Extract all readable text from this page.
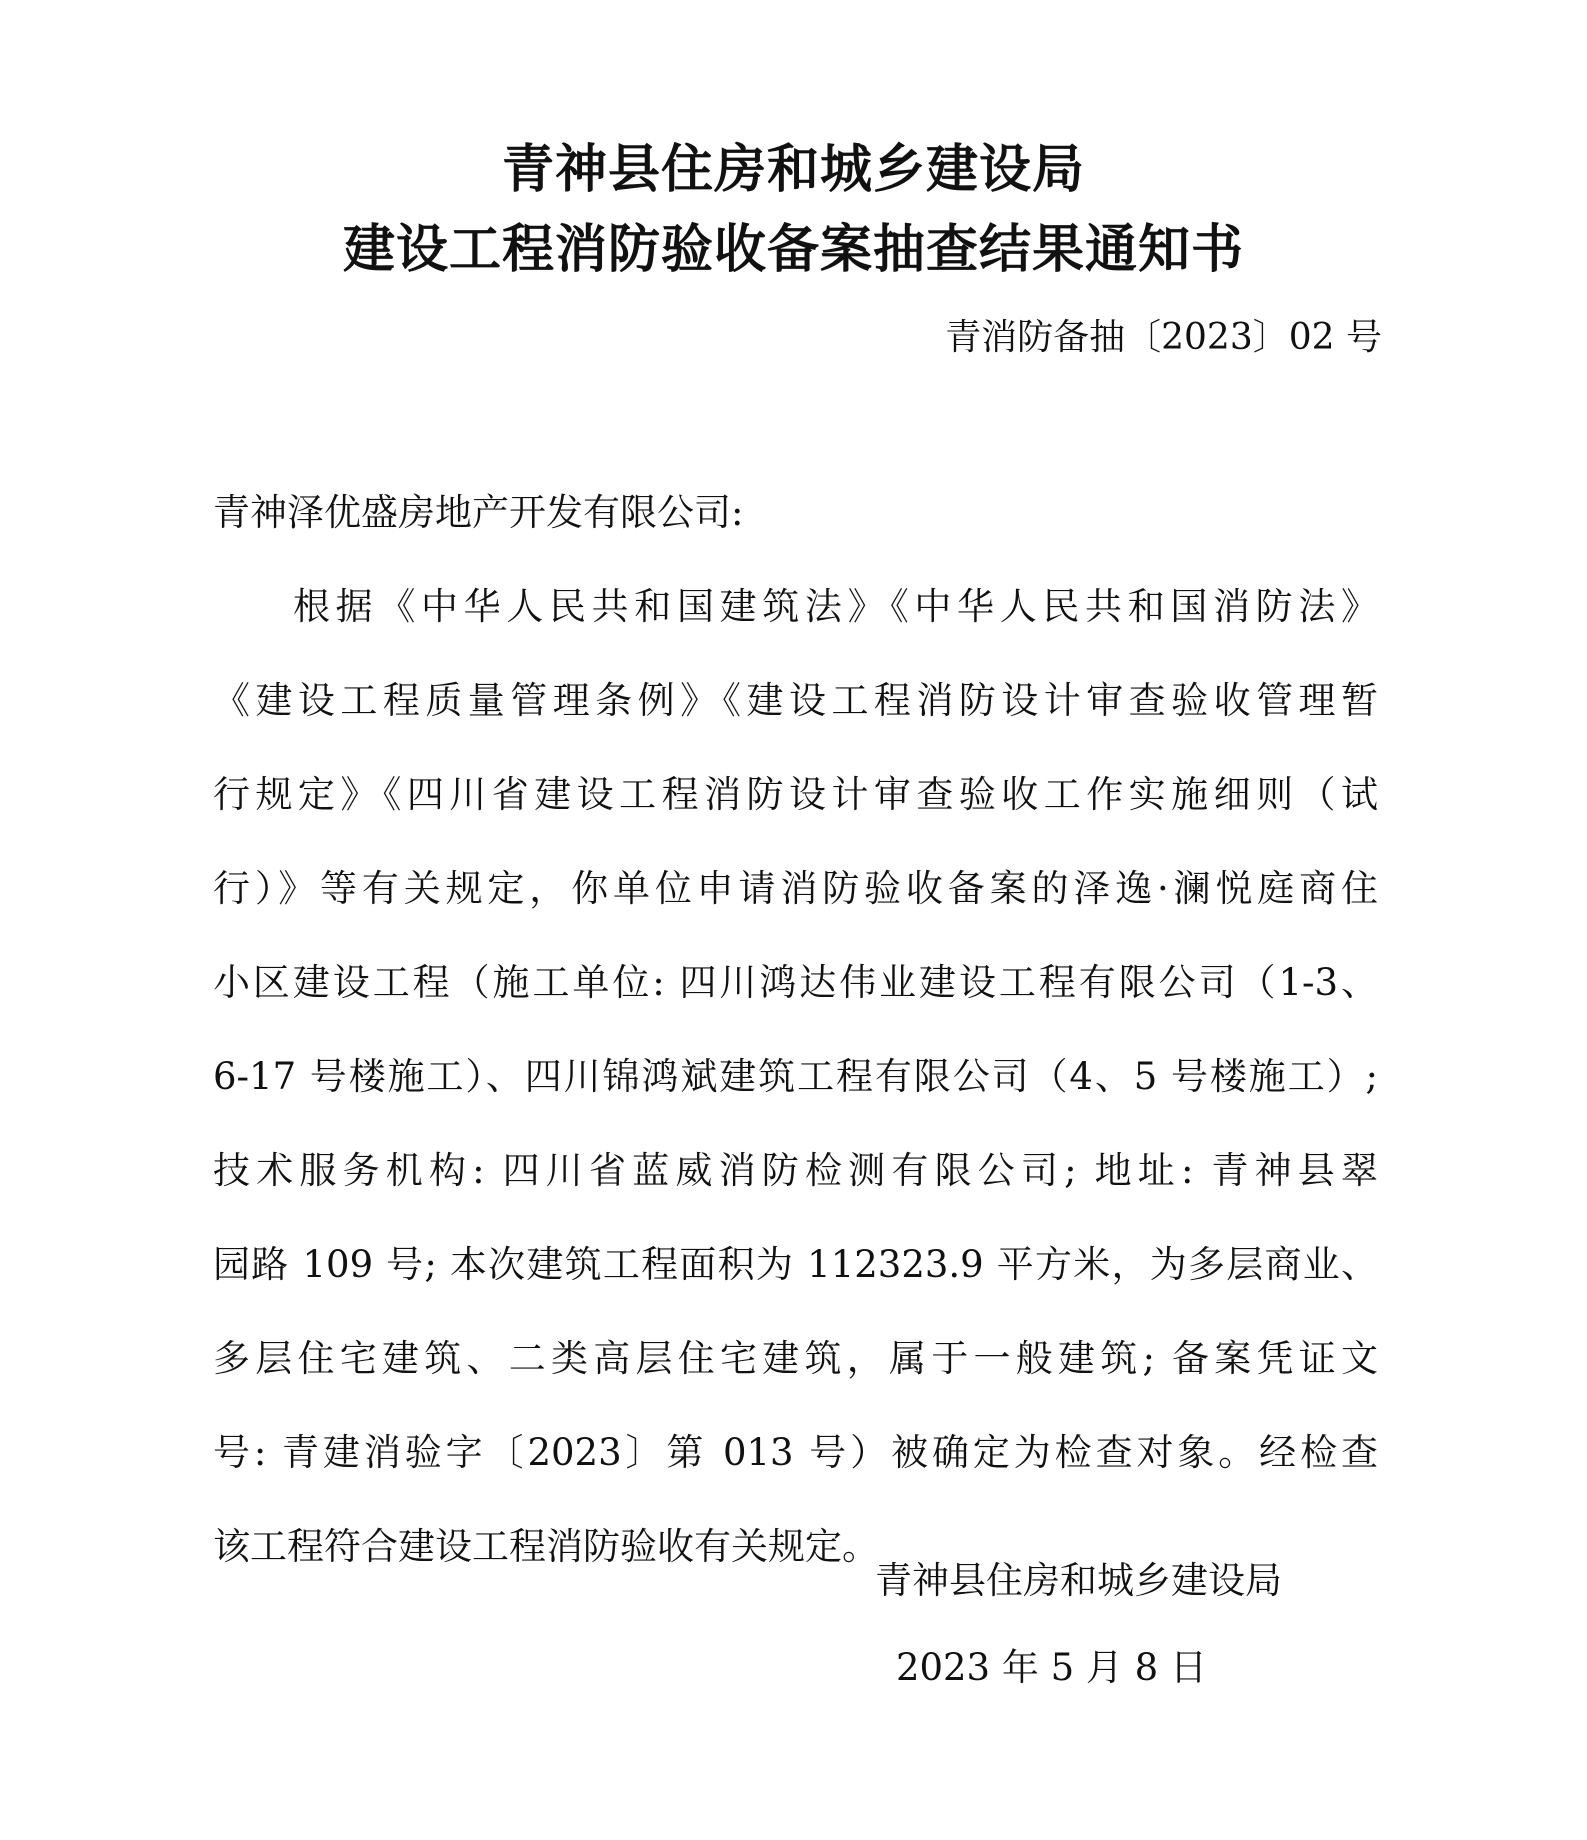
青神县住房和城乡建设局
建设工程消防验收备案抽查结果通知书
青消防备抽〔2023〕02 号
青神泽优盛房地产开发有限公司:
根据《中华人民共和国建筑法》《中华人民共和国消防法》
《建设工程质量管理条例》《建设工程消防设计审查验收管理暂
行规定》《四川省建设工程消防设计审查验收工作实施细则（试
行）》等有关规定，你单位申请消防验收备案的泽逸·澜悦庭商住
小区建设工程（施工单位: 四川鸿达伟业建设工程有限公司（1-3、
6-17 号楼施工）、四川锦鸿斌建筑工程有限公司（4、5 号楼施工）;
技术服务机构: 四川省蓝威消防检测有限公司; 地址: 青神县翠
园路 109 号; 本次建筑工程面积为 112323.9 平方米，为多层商业、
多层住宅建筑、二类高层住宅建筑，属于一般建筑; 备案凭证文
号: 青建消验字〔2023〕第 013 号）被确定为检查对象。经检查
该工程符合建设工程消防验收有关规定。
青神县住房和城乡建设局
2023 年 5 月 8 日
